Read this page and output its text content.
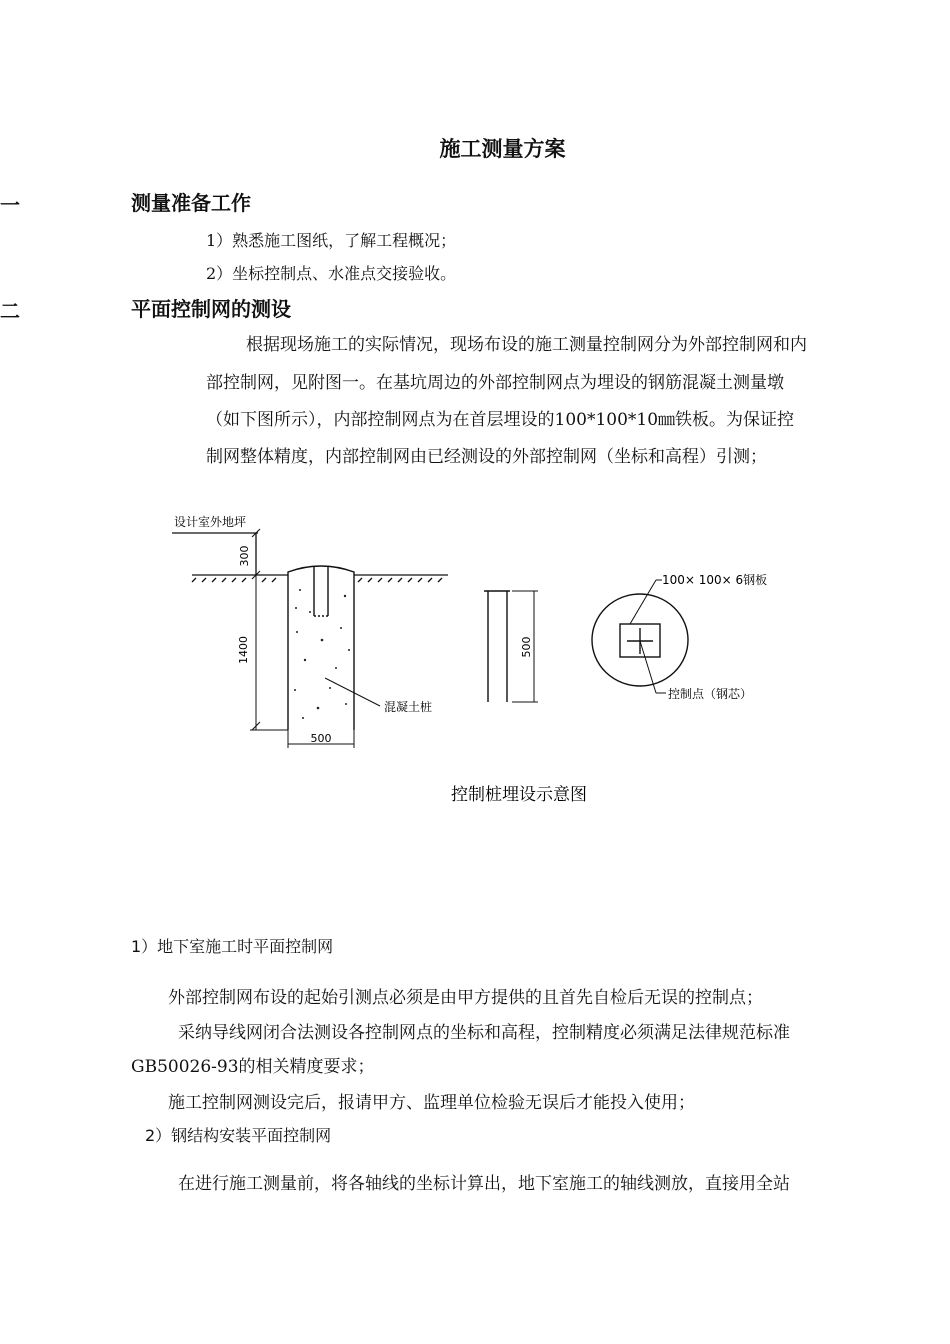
施工测量方案
一	测量准备工作
1）熟悉施工图纸，了解工程概况；
2）坐标控制点、水准点交接验收。
二	平面控制网的测设
根据现场施工的实际情况，现场布设的施工测量控制网分为外部控制网和内
部控制网，见附图一。在基坑周边的外部控制网点为埋设的钢筋混凝土测量墩
（如下图所示），内部控制网点为在首层埋设的100*100*10㎜铁板。为保证控
制网整体精度，内部控制网由已经测设的外部控制网（坐标和高程）引测；
设计室外地坪
300
1400
500
混凝土桩
500
100× 100× 6钢板
控制点（钢芯）
控制桩埋设示意图
1）地下室施工时平面控制网
外部控制网布设的起始引测点必须是由甲方提供的且首先自检后无误的控制点；
采纳导线网闭合法测设各控制网点的坐标和高程，控制精度必须满足法律规范标准
GB50026-93的相关精度要求；
施工控制网测设完后，报请甲方、监理单位检验无误后才能投入使用；
2）钢结构安装平面控制网
在进行施工测量前，将各轴线的坐标计算出，地下室施工的轴线测放，直接用全站
